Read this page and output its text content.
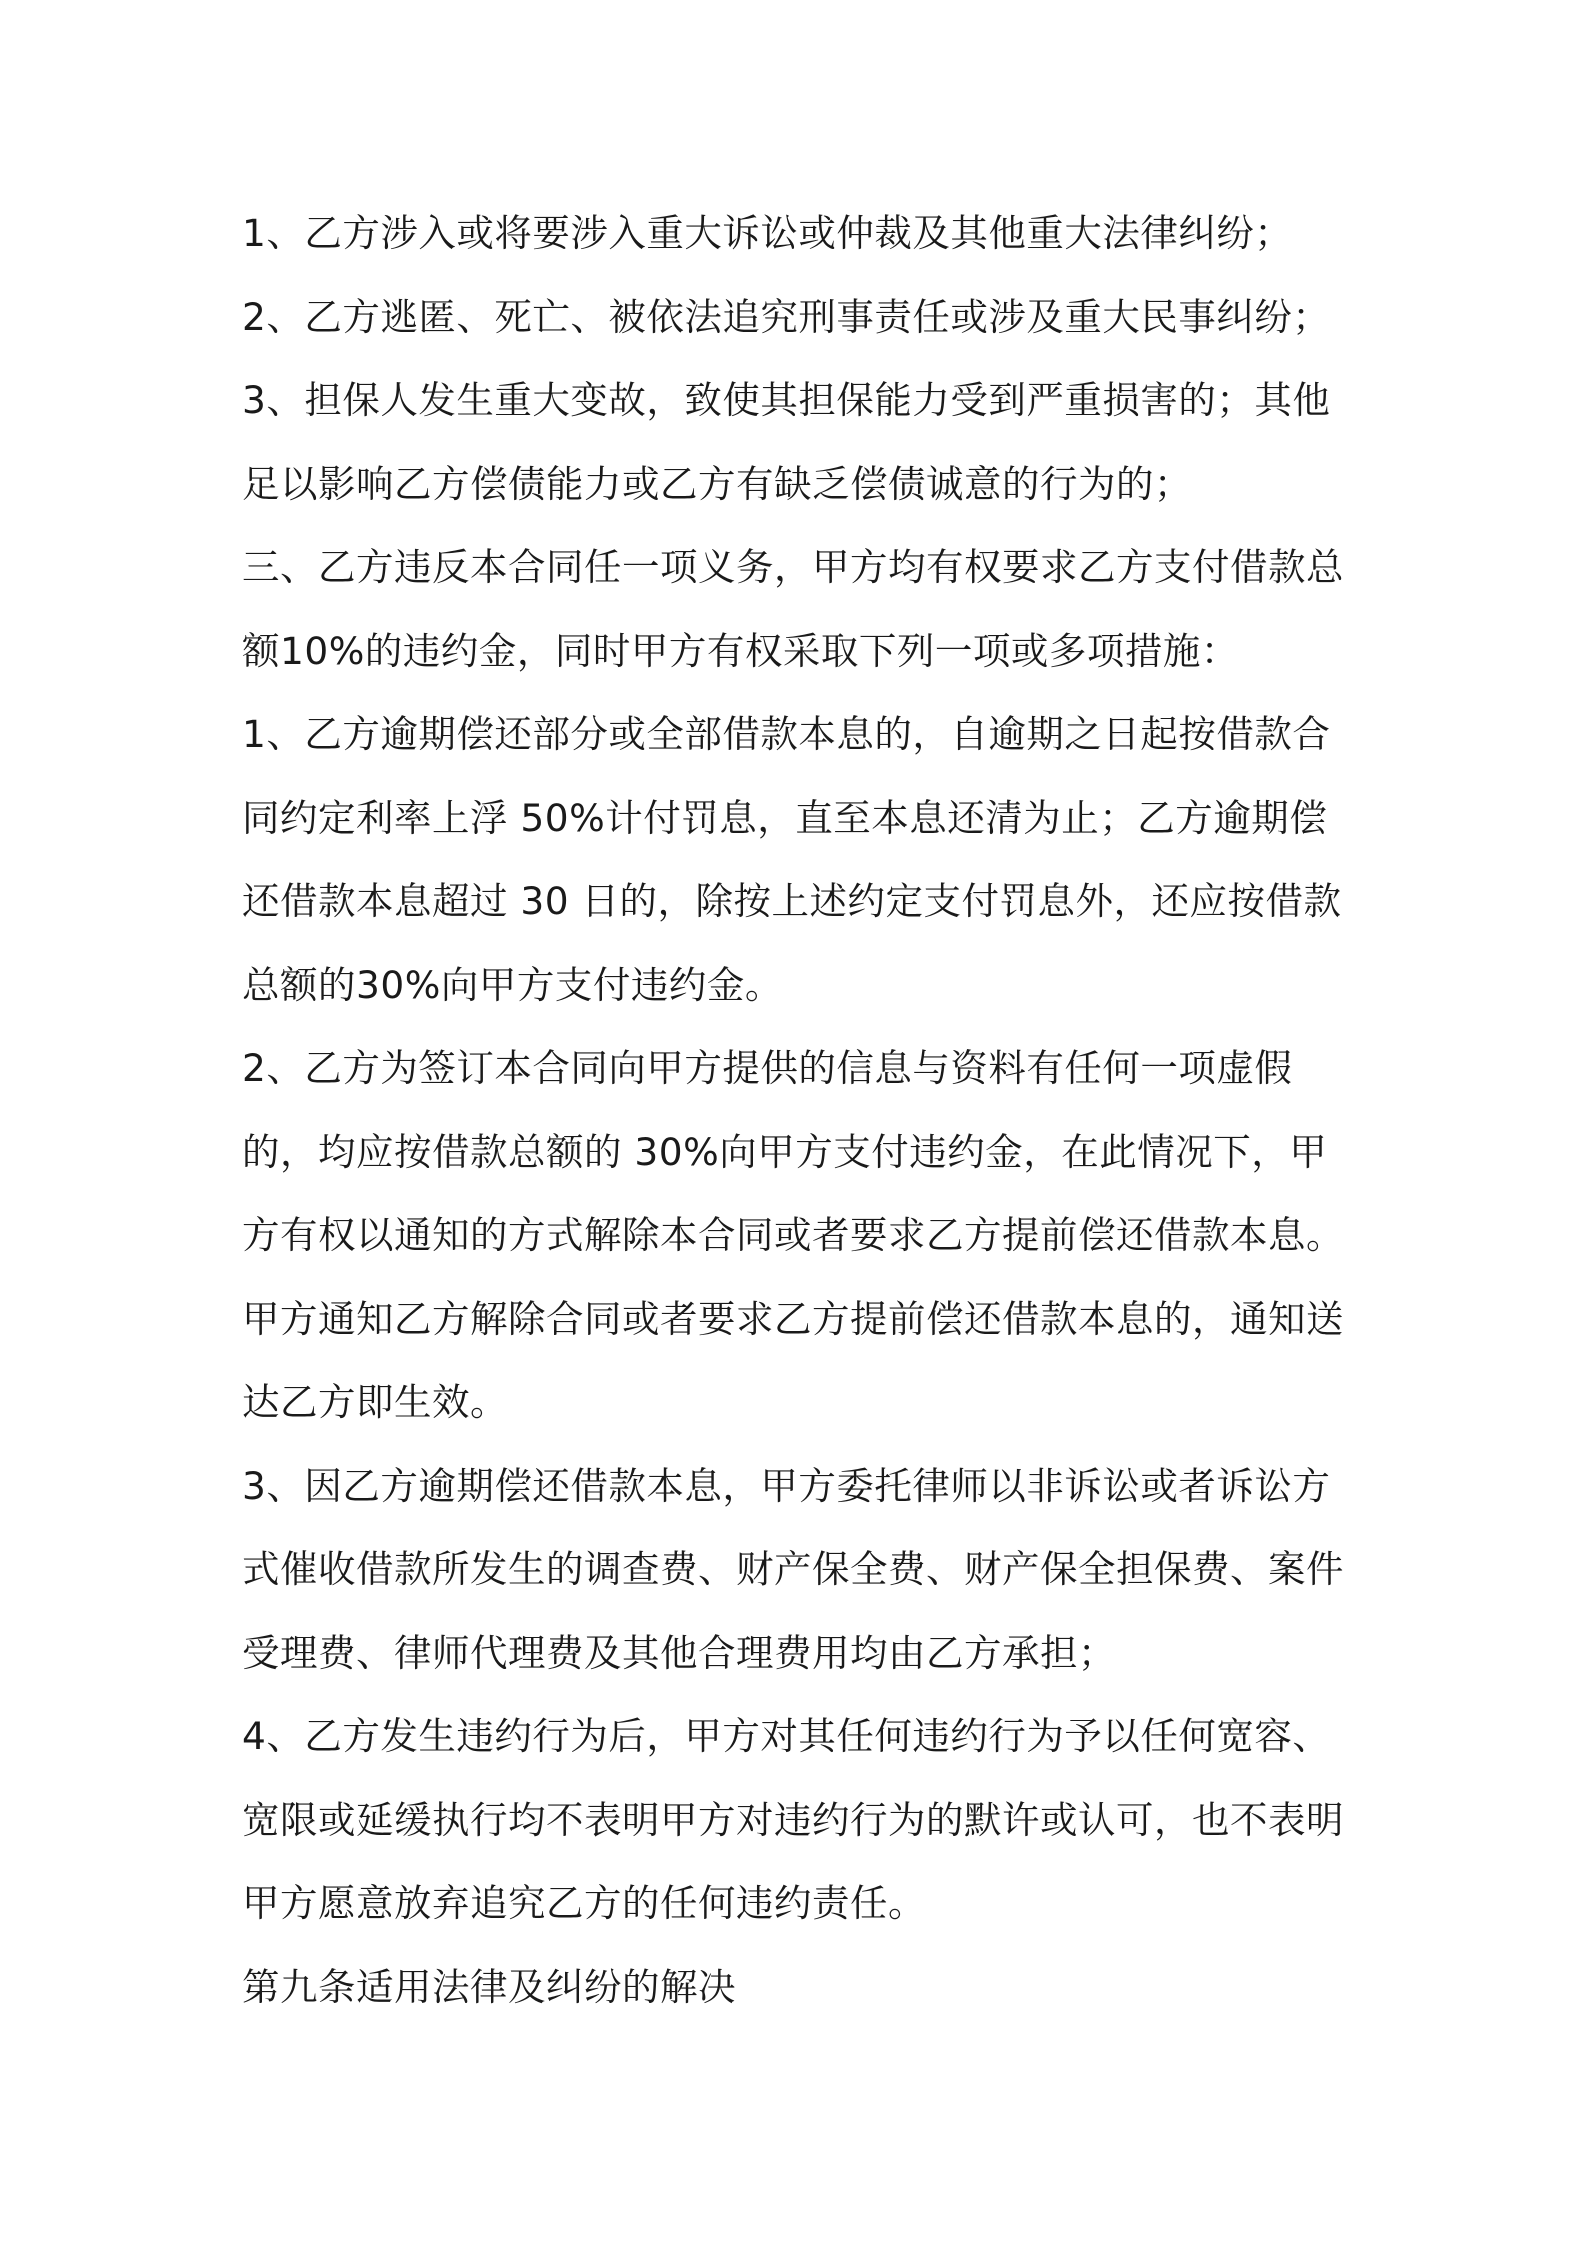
1、乙方涉入或将要涉入重大诉讼或仲裁及其他重大法律纠纷；

2、乙方逃匿、死亡、被依法追究刑事责任或涉及重大民事纠纷；

3、担保人发生重大变故，致使其担保能力受到严重损害的；其他足以影响乙方偿债能力或乙方有缺乏偿债诚意的行为的；

三、乙方违反本合同任一项义务，甲方均有权要求乙方支付借款总额10%的违约金，同时甲方有权采取下列一项或多项措施：

1、乙方逾期偿还部分或全部借款本息的，自逾期之日起按借款合同约定利率上浮 50%计付罚息，直至本息还清为止；乙方逾期偿还借款本息超过 30 日的，除按上述约定支付罚息外，还应按借款总额的30%向甲方支付违约金。

2、乙方为签订本合同向甲方提供的信息与资料有任何一项虚假的，均应按借款总额的 30%向甲方支付违约金，在此情况下，甲方有权以通知的方式解除本合同或者要求乙方提前偿还借款本息。甲方通知乙方解除合同或者要求乙方提前偿还借款本息的，通知送达乙方即生效。

3、因乙方逾期偿还借款本息，甲方委托律师以非诉讼或者诉讼方式催收借款所发生的调查费、财产保全费、财产保全担保费、案件受理费、律师代理费及其他合理费用均由乙方承担；

4、乙方发生违约行为后，甲方对其任何违约行为予以任何宽容、宽限或延缓执行均不表明甲方对违约行为的默许或认可，也不表明甲方愿意放弃追究乙方的任何违约责任。

第九条适用法律及纠纷的解决
